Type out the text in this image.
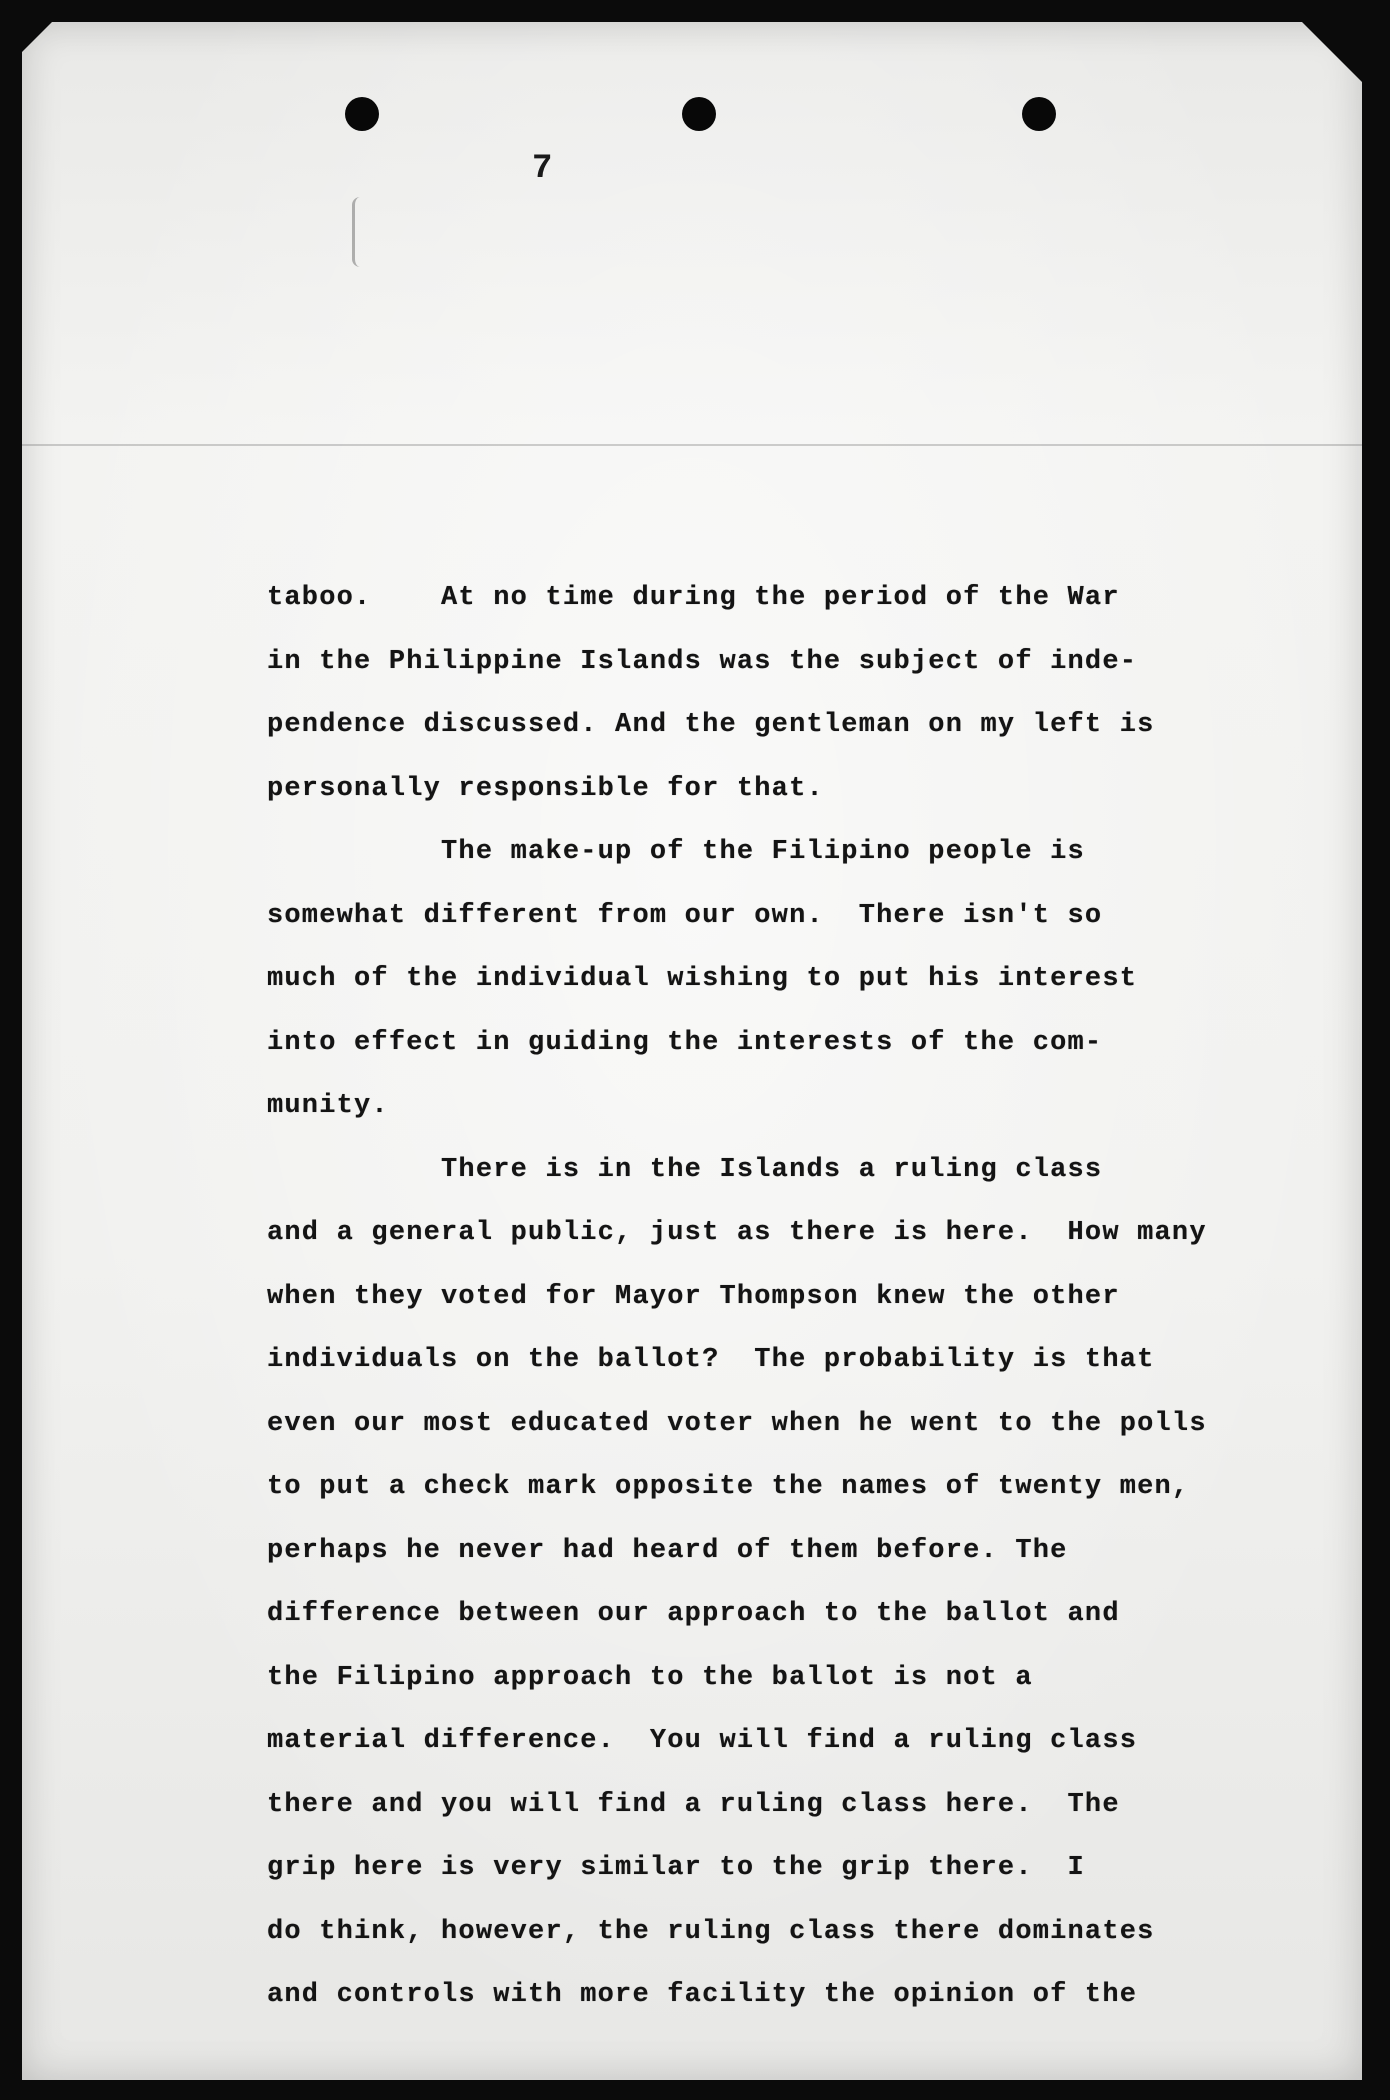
7
taboo.    At no time during the period of the War
in the Philippine Islands was the subject of inde-
pendence discussed. And the gentleman on my left is
personally responsible for that.
The make-up of the Filipino people is
somewhat different from our own.  There isn't so
much of the individual wishing to put his interest
into effect in guiding the interests of the com-
munity.
There is in the Islands a ruling class
and a general public, just as there is here.  How many
when they voted for Mayor Thompson knew the other
individuals on the ballot?  The probability is that
even our most educated voter when he went to the polls
to put a check mark opposite the names of twenty men,
perhaps he never had heard of them before. The
difference between our approach to the ballot and
the Filipino approach to the ballot is not a
material difference.  You will find a ruling class
there and you will find a ruling class here.  The
grip here is very similar to the grip there.  I
do think, however, the ruling class there dominates
and controls with more facility the opinion of the
